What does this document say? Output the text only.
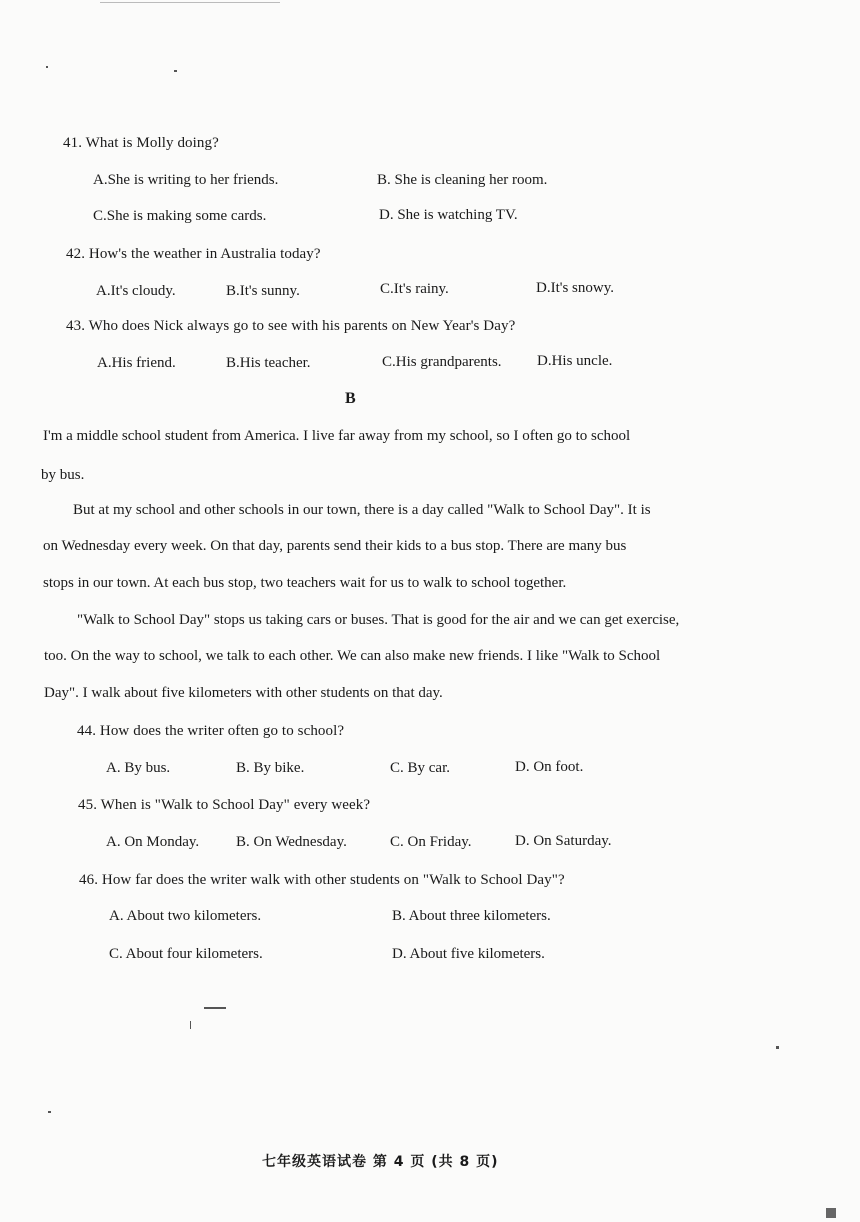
41. What is Molly doing?
A.She is writing to her friends.	B. She is cleaning her room.
C.She is making some cards.	D. She is watching TV.
42. How's the weather in Australia today?
A.It's cloudy.	B.It's sunny.	C.It's rainy.	D.It's snowy.
43. Who does Nick always go to see with his parents on New Year's Day?
A.His friend.	B.His teacher.	C.His grandparents. D.His uncle.
B
I'm a middle school student from America. I live far away from my school, so I often go to school
by bus.
But at my school and other schools in our town, there is a day called "Walk to School Day". It is
on Wednesday every week. On that day, parents send their kids to a bus stop. There are many bus
stops in our town. At each bus stop, two teachers wait for us to walk to school together.
"Walk to School Day" stops us taking cars or buses. That is good for the air and we can get exercise,
too. On the way to school, we talk to each other. We can also make new friends. I like "Walk to School
Day". I walk about five kilometers with other students on that day.
44. How does the writer often go to school?
A. By bus.	B. By bike.	C. By car.	D. On foot.
45. When is "Walk to School Day" every week?
A. On Monday. B. On Wednesday.	C. On Friday.	D. On Saturday.
46. How far does the writer walk with other students on "Walk to School Day"?
A. About two kilometers.	B. About three kilometers.
C. About four kilometers.	D. About five kilometers.
七年级英语试卷 第 4 页 (共 8 页)
